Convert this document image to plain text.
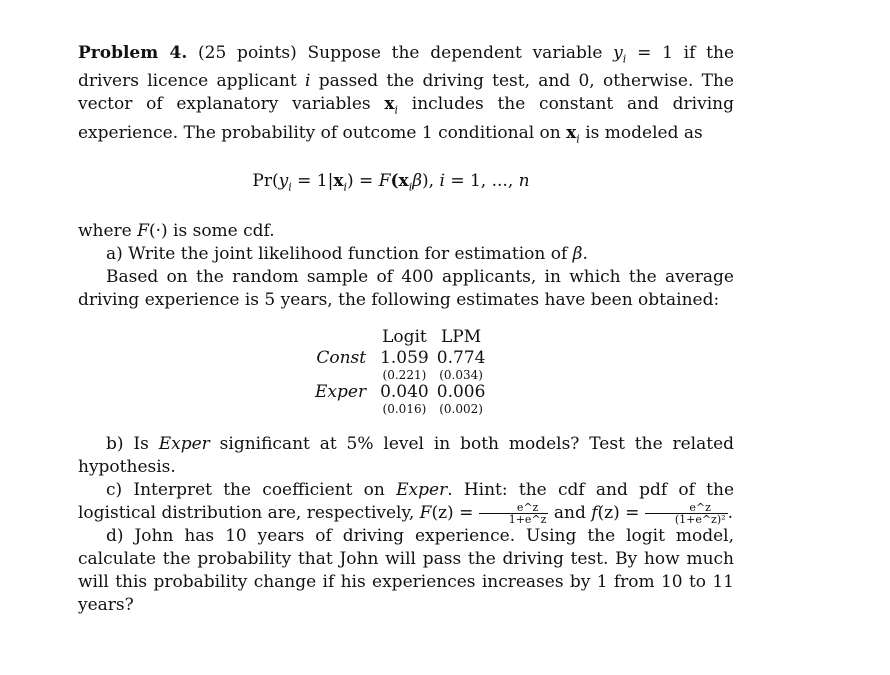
Problem 4. (25 points) Suppose the dependent variable $y_i = 1$ if the drivers licence applicant i passed the driving test, and 0, otherwise. The vector of explanatory variables $x_i$ includes the constant and driving experience. The probability of outcome 1 conditional on $x_i$ is modeled as

$Pr(y_i = 1|x_i) = F(x_i\beta)$, i = 1, ..., n

where F(·) is some cdf.

a) Write the joint likelihood function for estimation of β.

Based on the random sample of 400 applicants, in which the average driving experience is 5 years, the following estimates have been obtained:

	Logit	LPM
Const	1.059	0.774
	(0.221)	(0.034)
Exper	0.040	0.006
	(0.016)	(0.002)

b) Is Exper significant at 5% level in both models? Test the related hypothesis.

c) Interpret the coefficient on Exper. Hint: the cdf and pdf of the logistical distribution are, respectively, $F(z) = \frac{e\^{}z}{1+e\^{}z}$ and $f(z) = \frac{e\^{}z}{\text{(1+e\textasciicircum{}z)²}}$ .

d) John has 10 years of driving experience. Using the logit model, calculate the probability that John will pass the driving test. By how much will this probability change if his experiences increases by 1 from 10 to 11 years?
